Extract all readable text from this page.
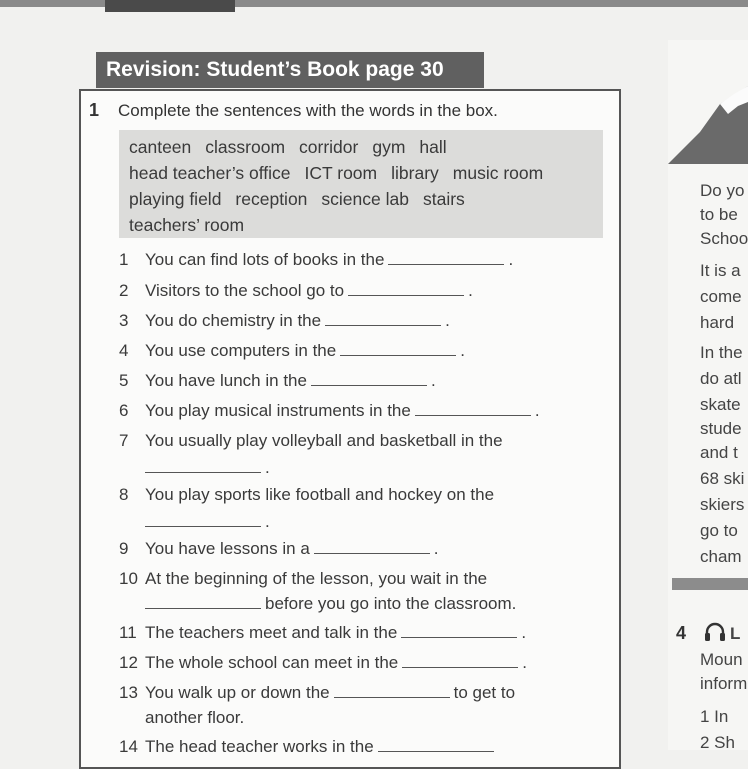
Revision: Student’s Book page 30
1 Complete the sentences with the words in the box.
canteen classroom corridor gym hall
head teacher’s office ICT room library music room
playing field reception science lab stairs
teachers’ room
1 You can find lots of books in the	.
2 Visitors to the school go to	.
3 You do chemistry in the	.
4 You use computers in the	.
5 You have lunch in the	.
6 You play musical instruments in the	.
7 You usually play volleyball and basketball in the
.
8 You play sports like football and hockey on the
.
9 You have lessons in a	.
10 At the beginning of the lesson, you wait in the
before you go into the classroom.
11 The teachers meet and talk in the	.
12 The whole school can meet in the	.
13 You walk up or down the	to get to
another floor.
14 The head teacher works in the
Do yo
to be
Schoo
It is a
come
hard
In the
do atl
skate
stude
and t
68 ski
skiers
go to
cham
4	L
Moun
inform
1 In
2 Sh
